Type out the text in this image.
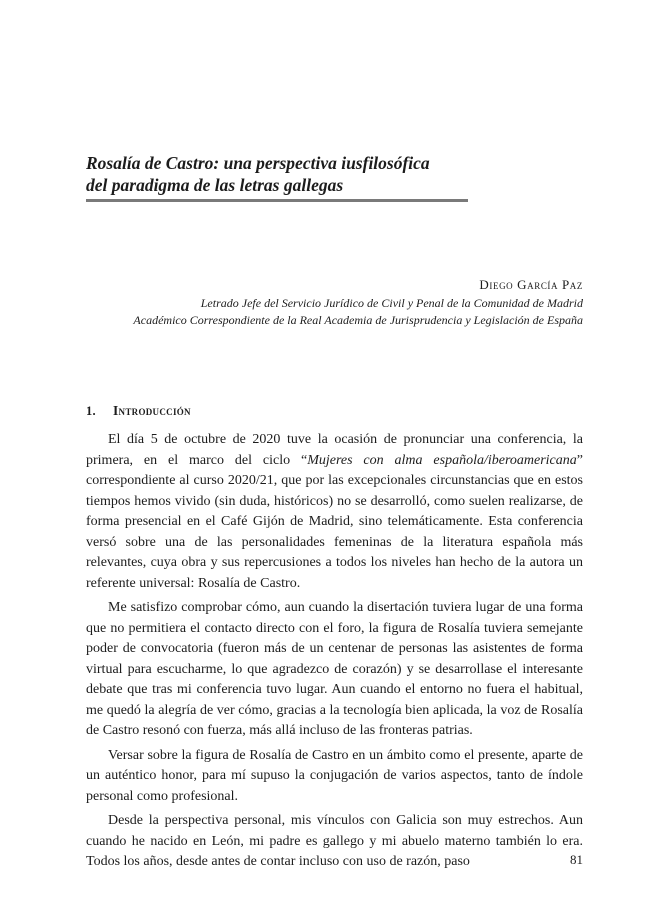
Rosalía de Castro: una perspectiva iusfilosófica
del paradigma de las letras gallegas
Diego García Paz
Letrado Jefe del Servicio Jurídico de Civil y Penal de la Comunidad de Madrid
Académico Correspondiente de la Real Academia de Jurisprudencia y Legislación de España
1. Introducción

El día 5 de octubre de 2020 tuve la ocasión de pronunciar una conferencia, la primera, en el marco del ciclo “Mujeres con alma española/iberoamericana” correspondiente al curso 2020/21, que por las excepcionales circunstancias que en estos tiempos hemos vivido (sin duda, históricos) no se desarrolló, como suelen realizarse, de forma presencial en el Café Gijón de Madrid, sino telemáticamente. Esta conferencia versó sobre una de las personalidades femeninas de la literatura española más relevantes, cuya obra y sus repercusiones a todos los niveles han hecho de la autora un referente universal: Rosalía de Castro.

Me satisfizo comprobar cómo, aun cuando la disertación tuviera lugar de una forma que no permitiera el contacto directo con el foro, la figura de Rosalía tuviera semejante poder de convocatoria (fueron más de un centenar de personas las asistentes de forma virtual para escucharme, lo que agradezco de corazón) y se desarrollase el interesante debate que tras mi conferencia tuvo lugar. Aun cuando el entorno no fuera el habitual, me quedó la alegría de ver cómo, gracias a la tecnología bien aplicada, la voz de Rosalía de Castro resonó con fuerza, más allá incluso de las fronteras patrias.

Versar sobre la figura de Rosalía de Castro en un ámbito como el presente, aparte de un auténtico honor, para mí supuso la conjugación de varios aspectos, tanto de índole personal como profesional.

Desde la perspectiva personal, mis vínculos con Galicia son muy estrechos. Aun cuando he nacido en León, mi padre es gallego y mi abuelo materno también lo era. Todos los años, desde antes de contar incluso con uso de razón, paso	81
